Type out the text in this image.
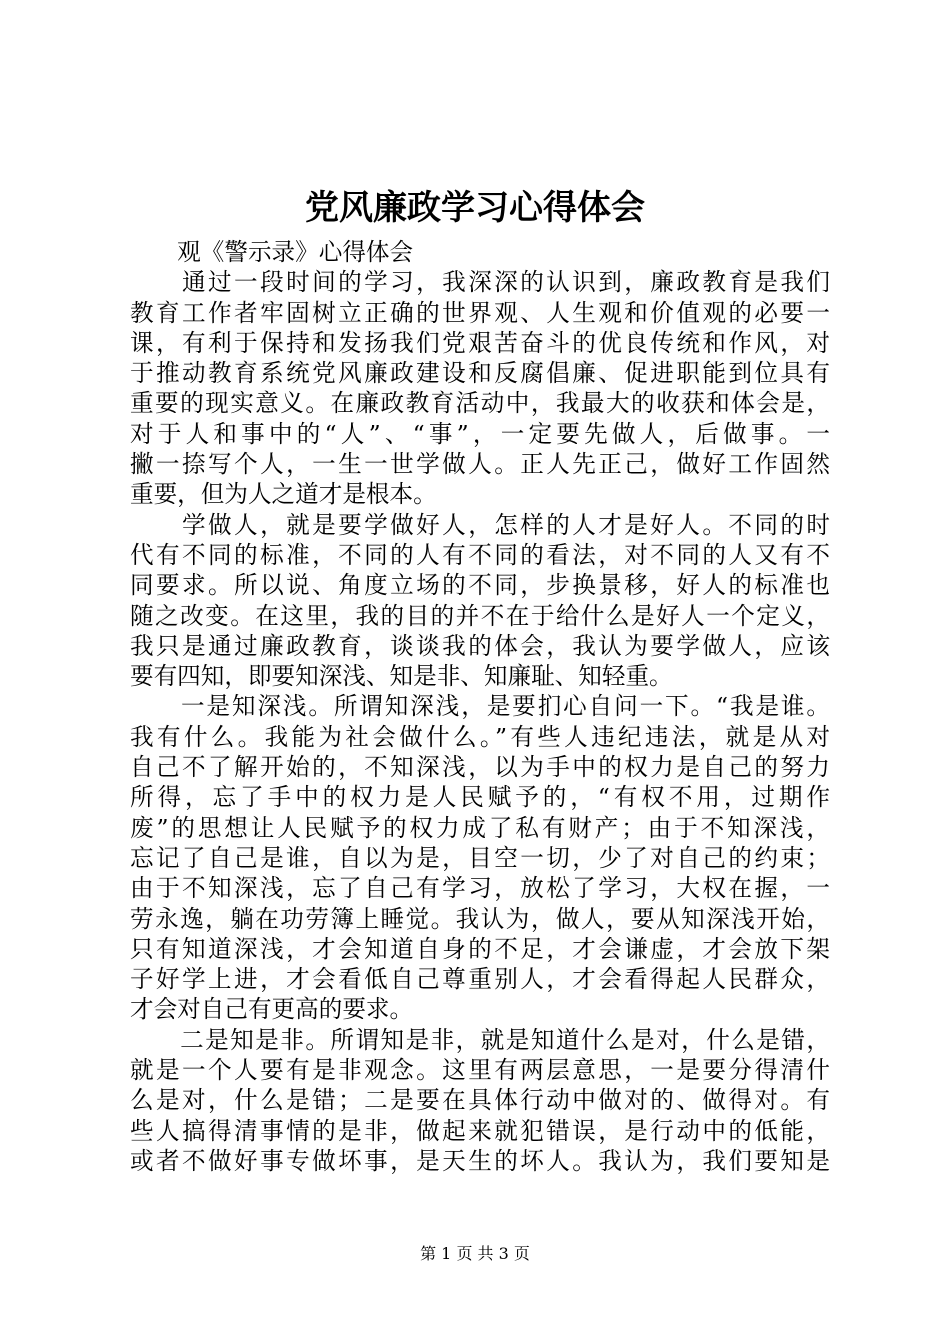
党风廉政学习心得体会
　　观《警示录》心得体会
　　通过一段时间的学习，我深深的认识到，廉政教育是我们
教育工作者牢固树立正确的世界观、人生观和价值观的必要一
课，有利于保持和发扬我们党艰苦奋斗的优良传统和作风，对
于推动教育系统党风廉政建设和反腐倡廉、促进职能到位具有
重要的现实意义。在廉政教育活动中，我最大的收获和体会是，
对于人和事中的“人”、“事”，一定要先做人，后做事。一
撇一捺写个人，一生一世学做人。正人先正己，做好工作固然
重要，但为人之道才是根本。
　　学做人，就是要学做好人，怎样的人才是好人。不同的时
代有不同的标准，不同的人有不同的看法，对不同的人又有不
同要求。所以说、角度立场的不同，步换景移，好人的标准也
随之改变。在这里，我的目的并不在于给什么是好人一个定义，
我只是通过廉政教育，谈谈我的体会，我认为要学做人，应该
要有四知，即要知深浅、知是非、知廉耻、知轻重。
　　一是知深浅。所谓知深浅，是要扪心自问一下。“我是谁。
我有什么。我能为社会做什么。”有些人违纪违法，就是从对
自己不了解开始的，不知深浅，以为手中的权力是自己的努力
所得，忘了手中的权力是人民赋予的，“有权不用，过期作
废”的思想让人民赋予的权力成了私有财产；由于不知深浅，
忘记了自己是谁，自以为是，目空一切，少了对自己的约束；
由于不知深浅，忘了自己有学习，放松了学习，大权在握，一
劳永逸，躺在功劳簿上睡觉。我认为，做人，要从知深浅开始，
只有知道深浅，才会知道自身的不足，才会谦虚，才会放下架
子好学上进，才会看低自己尊重别人，才会看得起人民群众，
才会对自己有更高的要求。
　　二是知是非。所谓知是非，就是知道什么是对，什么是错，
就是一个人要有是非观念。这里有两层意思，一是要分得清什
么是对，什么是错；二是要在具体行动中做对的、做得对。有
些人搞得清事情的是非，做起来就犯错误，是行动中的低能，
或者不做好事专做坏事，是天生的坏人。我认为，我们要知是
第 1 页 共 3 页
